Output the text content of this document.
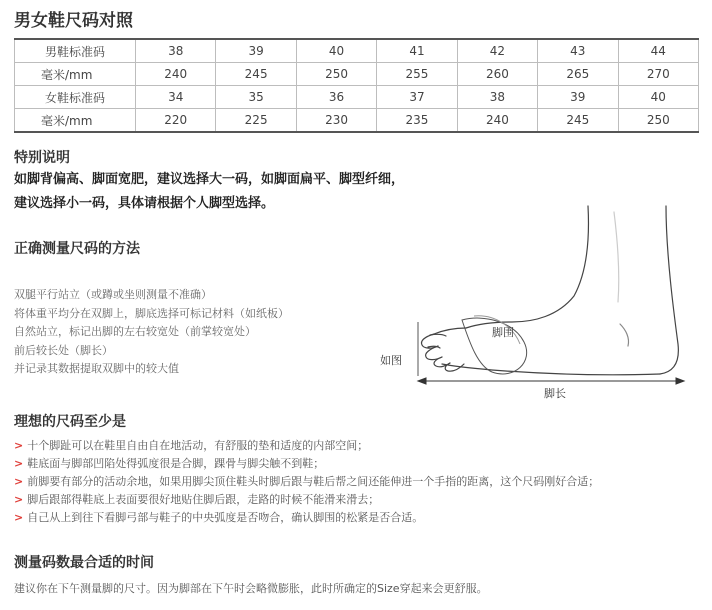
男女鞋尺码对照
男鞋标准码	38	39	40	41	42	43	44
毫米/mm	240	245	250	255	260	265	270
女鞋标准码	34	35	36	37	38	39	40
毫米/mm	220	225	230	235	240	245	250
特别说明
如脚背偏高、脚面宽肥，建议选择大一码，如脚面扁平、脚型纤细，
建议选择小一码，具体请根据个人脚型选择。
正确测量尺码的方法
双腿平行站立（或蹲或坐则测量不准确）
将体重平均分在双脚上，脚底选择可标记材料（如纸板）
自然站立，标记出脚的左右较宽处（前掌较宽处）
前后较长处（脚长）
并记录其数据提取双脚中的较大值
脚围
如图
脚长
理想的尺码至少是
> 十个脚趾可以在鞋里自由自在地活动，有舒服的垫和适度的内部空间；
> 鞋底面与脚部凹陷处得弧度很是合脚，踝骨与脚尖触不到鞋；
> 前脚要有部分的活动余地，如果用脚尖顶住鞋头时脚后跟与鞋后帮之间还能伸进一个手指的距离，这个尺码刚好合适；
> 脚后跟部得鞋底上表面要很好地贴住脚后跟，走路的时候不能滑来滑去；
> 自己从上到往下看脚弓部与鞋子的中央弧度是否吻合，确认脚围的松紧是否合适。
测量码数最合适的时间

建议你在下午测量脚的尺寸。因为脚部在下午时会略微膨胀，此时所确定的Size穿起来会更舒服。
